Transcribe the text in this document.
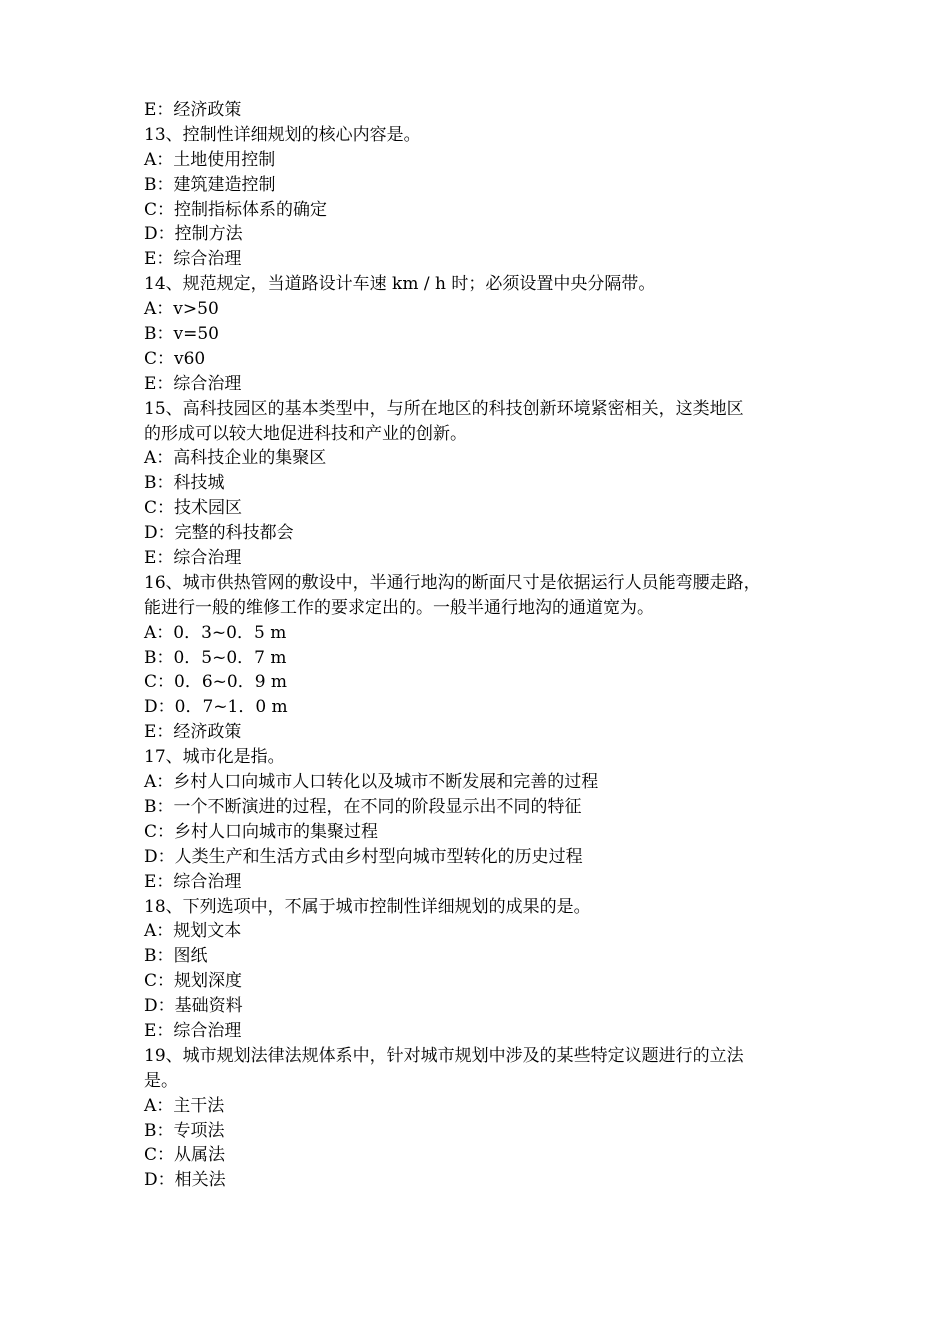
E：经济政策
13、控制性详细规划的核心内容是。
A：土地使用控制
B：建筑建造控制
C：控制指标体系的确定
D：控制方法
E：综合治理
14、规范规定，当道路设计车速 km / h 时；必须设置中央分隔带。
A：v>50
B：v=50
C：v60
E：综合治理
15、高科技园区的基本类型中，与所在地区的科技创新环境紧密相关，这类地区
的形成可以较大地促进科技和产业的创新。
A：高科技企业的集聚区
B：科技城
C：技术园区
D：完整的科技都会
E：综合治理
16、城市供热管网的敷设中，半通行地沟的断面尺寸是依据运行人员能弯腰走路，
能进行一般的维修工作的要求定出的。一般半通行地沟的通道宽为。
A：0．3~0．5 m
B：0．5~0．7 m
C：0．6~0．9 m
D：0．7~1．0 m
E：经济政策
17、城市化是指。
A：乡村人口向城市人口转化以及城市不断发展和完善的过程
B：一个不断演进的过程，在不同的阶段显示出不同的特征
C：乡村人口向城市的集聚过程
D：人类生产和生活方式由乡村型向城市型转化的历史过程
E：综合治理
18、下列选项中，不属于城市控制性详细规划的成果的是。
A：规划文本
B：图纸
C：规划深度
D：基础资料
E：综合治理
19、城市规划法律法规体系中，针对城市规划中涉及的某些特定议题进行的立法
是。
A：主干法
B：专项法
C：从属法
D：相关法
